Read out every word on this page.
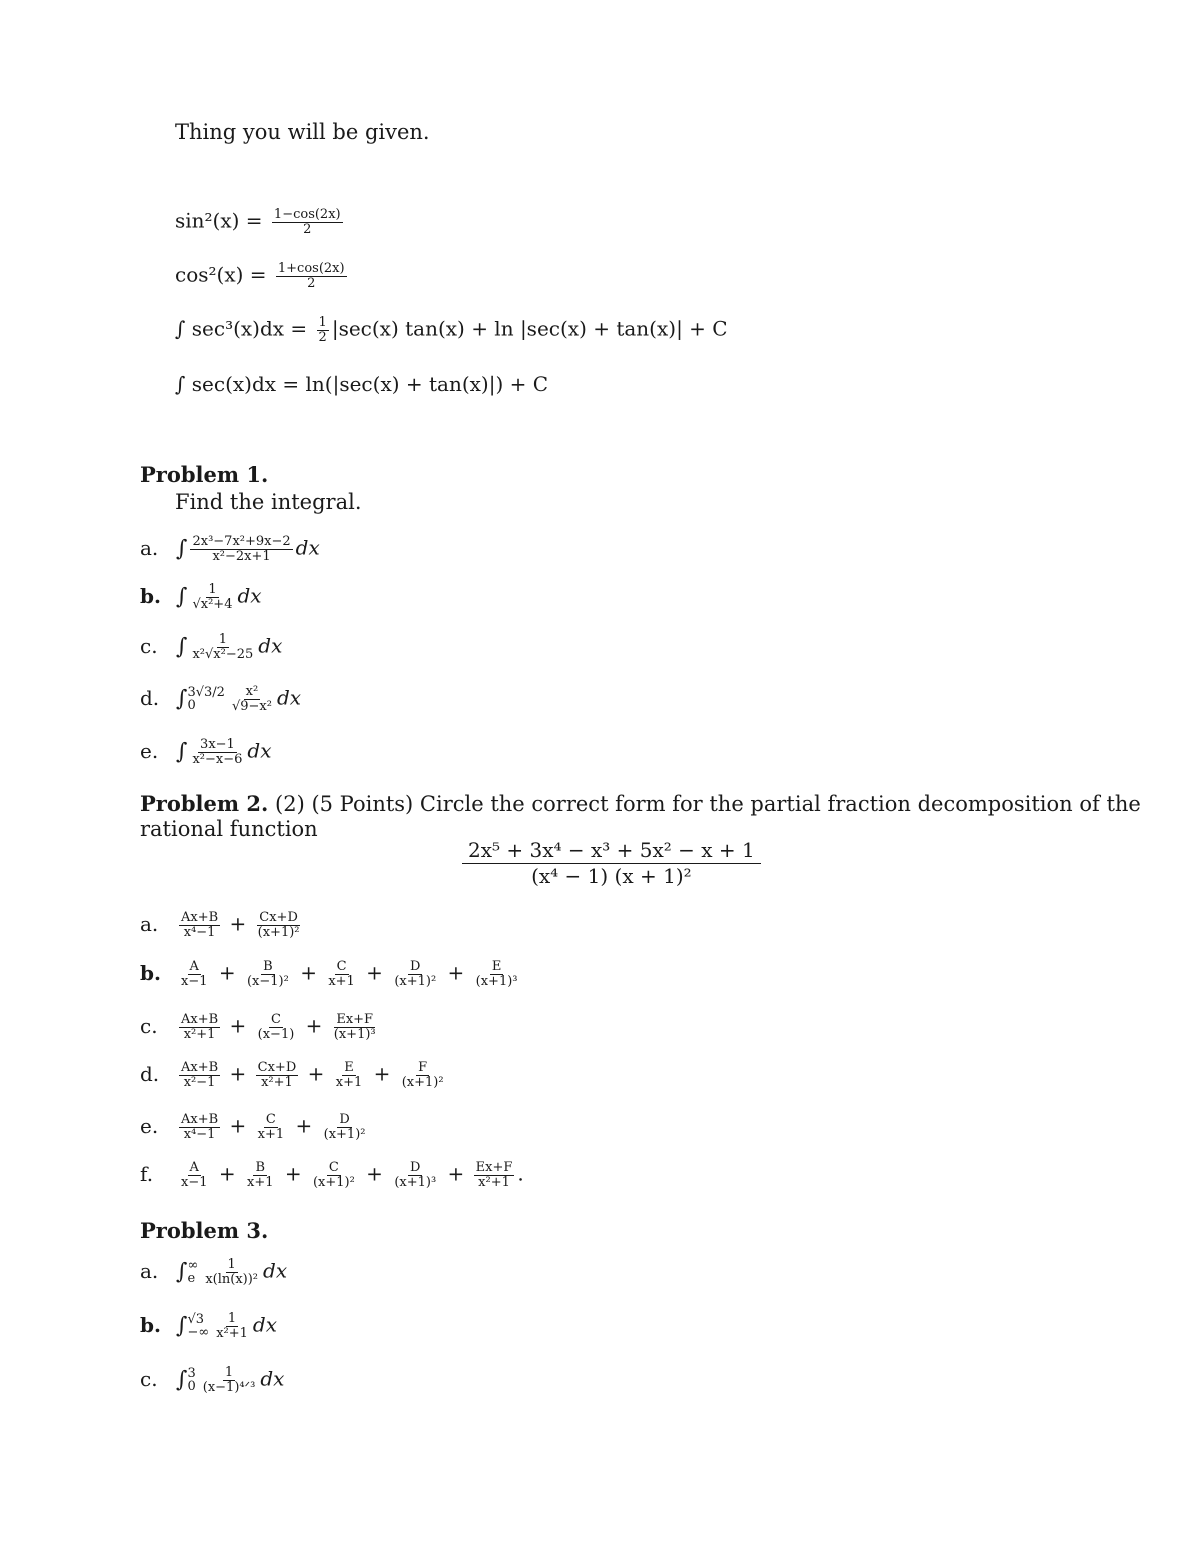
Thing you will be given.
$\sin^2(x) = \frac{1-\cos(2x)}{2}$
$\cos^2(x) = \frac{1+\cos(2x)}{2}$
∫ $\sec^3(x)dx = \frac{1}{2} |\sec(x) \tan(x) + \ln |\sec(x) + \tan(x)| + C$
∫ sec(x)dx = ln(|sec(x) + tan(x)|) + C
Problem 1.
Find the integral.
a. ∫ $\frac{\text{2x³−7x²+9x−2}}{\text{x²−2x+1}}$ dx
b. ∫ $\frac{1}{\text{√x²+4}}$ dx
c. ∫ $\frac{1}{\text{x²√x²−25}}$ dx
d. ∫ 3√3/2
0	$\frac{\text{x²}}{\text{√9−x²}}$ dx
e. ∫ $\frac{3x-1}{\text{x²−x−6}}$ dx
Problem 2. (2) (5 Points) Circle the correct form for the partial fraction decomposition of the
rational function
$\frac{\text{2x⁵ + 3x⁴ − x³ + 5x² − x + 1}}{\text{(x⁴ − 1) (x + 1)²}}$
a. $\frac{Ax+B}{\text{x⁴−1}} + \frac{Cx+D}{\text{(x+1)²}}$
b. $\frac{A}{x-1} + \frac{B}{\text{(x−1)²}} + \frac{C}{x+1} + \frac{D}{\text{(x+1)²}} + \frac{E}{\text{(x+1)³}}$
c. $\frac{Ax+B}{\text{x²+1}} + \frac{C}{(x-1)} + \frac{Ex+F}{\text{(x+1)³}}$
d. $\frac{Ax+B}{\text{x²−1}} + \frac{Cx+D}{\text{x²+1}} + \frac{E}{x+1} + \frac{F}{\text{(x+1)²}}$
e. $\frac{Ax+B}{\text{x⁴−1}} + \frac{C}{x+1} + \frac{D}{\text{(x+1)²}}$
f. $\frac{A}{x-1} + \frac{B}{x+1} + \frac{C}{\text{(x+1)²}} + \frac{D}{\text{(x+1)³}} + \frac{Ex+F}{\text{x²+1}}$ .
Problem 3.
a. ∫ ∞
e $\frac{1}{\text{x(ln(x))²}}$ dx
b. ∫ √3
−∞ $\frac{1}{\text{x²+1}}$ dx
c. ∫ 3
$0 \frac{1}{\text{(x−1)⁴ᐟ³}}$ dx
